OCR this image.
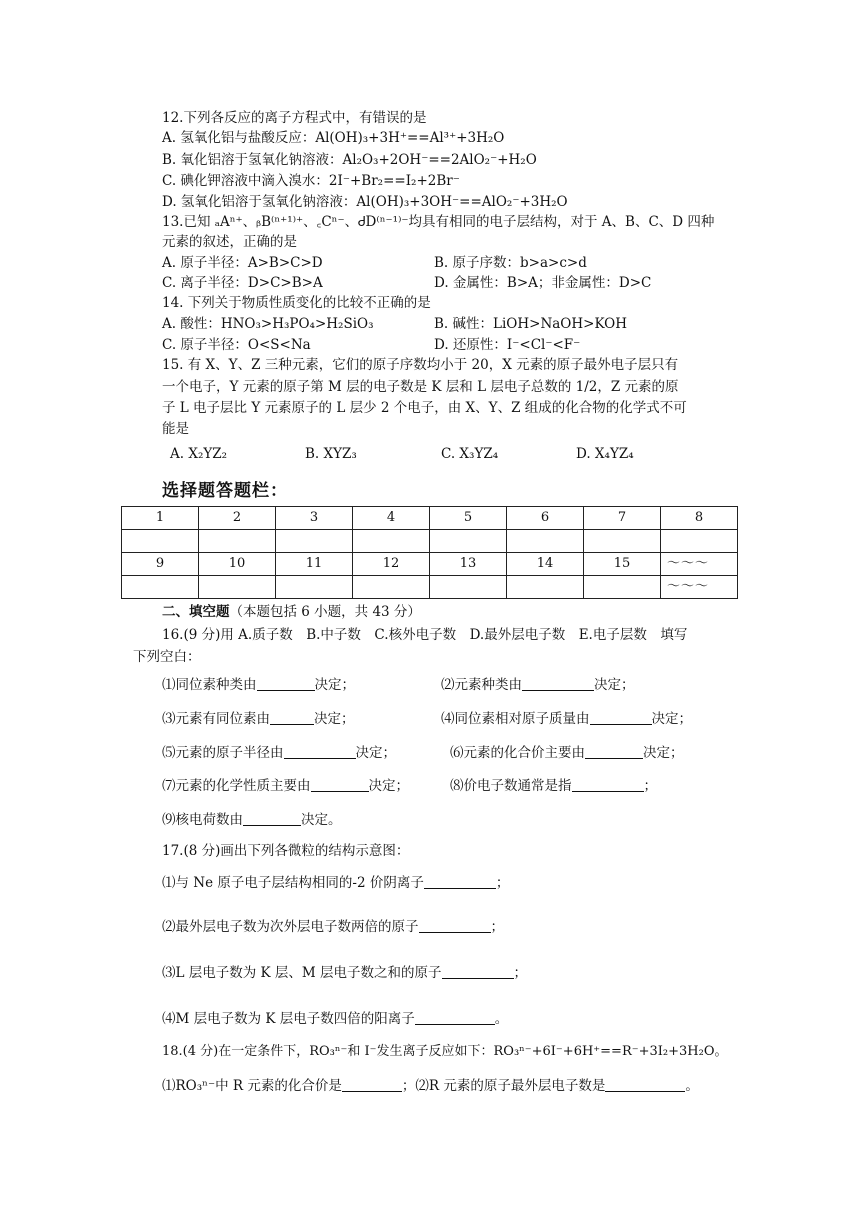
12.下列各反应的离子方程式中，有错误的是
A. 氢氧化铝与盐酸反应：Al(OH)₃+3H⁺==Al³⁺+3H₂O
B. 氧化铝溶于氢氧化钠溶液：Al₂O₃+2OH⁻==2AlO₂⁻+H₂O
C. 碘化钾溶液中滴入溴水：2I⁻+Br₂==I₂+2Br⁻
D. 氢氧化铝溶于氢氧化钠溶液：Al(OH)₃+3OH⁻==AlO₂⁻+3H₂O
13.已知 ₐAⁿ⁺、ᵦB⁽ⁿ⁺¹⁾⁺、꜀Cⁿ⁻、ᏧD⁽ⁿ⁻¹⁾⁻均具有相同的电子层结构，对于 A、B、C、D 四种
元素的叙述，正确的是
A. 原子半径：A>B>C>D	B. 原子序数：b>a>c>d
C. 离子半径：D>C>B>A	D. 金属性：B>A；非金属性：D>C
14. 下列关于物质性质变化的比较不正确的是
A. 酸性：HNO₃>H₃PO₄>H₂SiO₃	B. 碱性：LiOH>NaOH>KOH
C. 原子半径：O<S<Na	D. 还原性：I⁻<Cl⁻<F⁻
15. 有 X、Y、Z 三种元素，它们的原子序数均小于 20，X 元素的原子最外电子层只有
一个电子，Y 元素的原子第 M 层的电子数是 K 层和 L 层电子总数的 1/2，Z 元素的原
子 L 电子层比 Y 元素原子的 L 层少 2 个电子，由 X、Y、Z 组成的化合物的化学式不可
能是
A. X₂YZ₂	B. XYZ₃	C. X₃YZ₄	D. X₄YZ₄
选择题答题栏：
1	2	3	4	5	6	7	8

9	10	11	12	13	14	15	～～～
							～～～
二、填空题（本题包括 6 小题，共 43 分）
16.(9 分)用 A.质子数　B.中子数　C.核外电子数　D.最外层电子数　E.电子层数　填写
下列空白：
⑴同位素种类由	决定；	⑵元素种类由	决定；
⑶元素有同位素由	决定；	⑷同位素相对原子质量由	决定；
⑸元素的原子半径由	决定；	⑹元素的化合价主要由	决定；
⑺元素的化学性质主要由	决定；	⑻价电子数通常是指	；
⑼核电荷数由	决定。
17.(8 分)画出下列各微粒的结构示意图：
⑴与 Ne 原子电子层结构相同的-2 价阴离子	；
⑵最外层电子数为次外层电子数两倍的原子	；
⑶L 层电子数为 K 层、M 层电子数之和的原子	；
⑷M 层电子数为 K 层电子数四倍的阳离子	。
18.(4 分)在一定条件下，RO₃ⁿ⁻和 I⁻发生离子反应如下：RO₃ⁿ⁻+6I⁻+6H⁺==R⁻+3I₂+3H₂O。
⑴RO₃ⁿ⁻中 R 元素的化合价是	；⑵R 元素的原子最外层电子数是	。
